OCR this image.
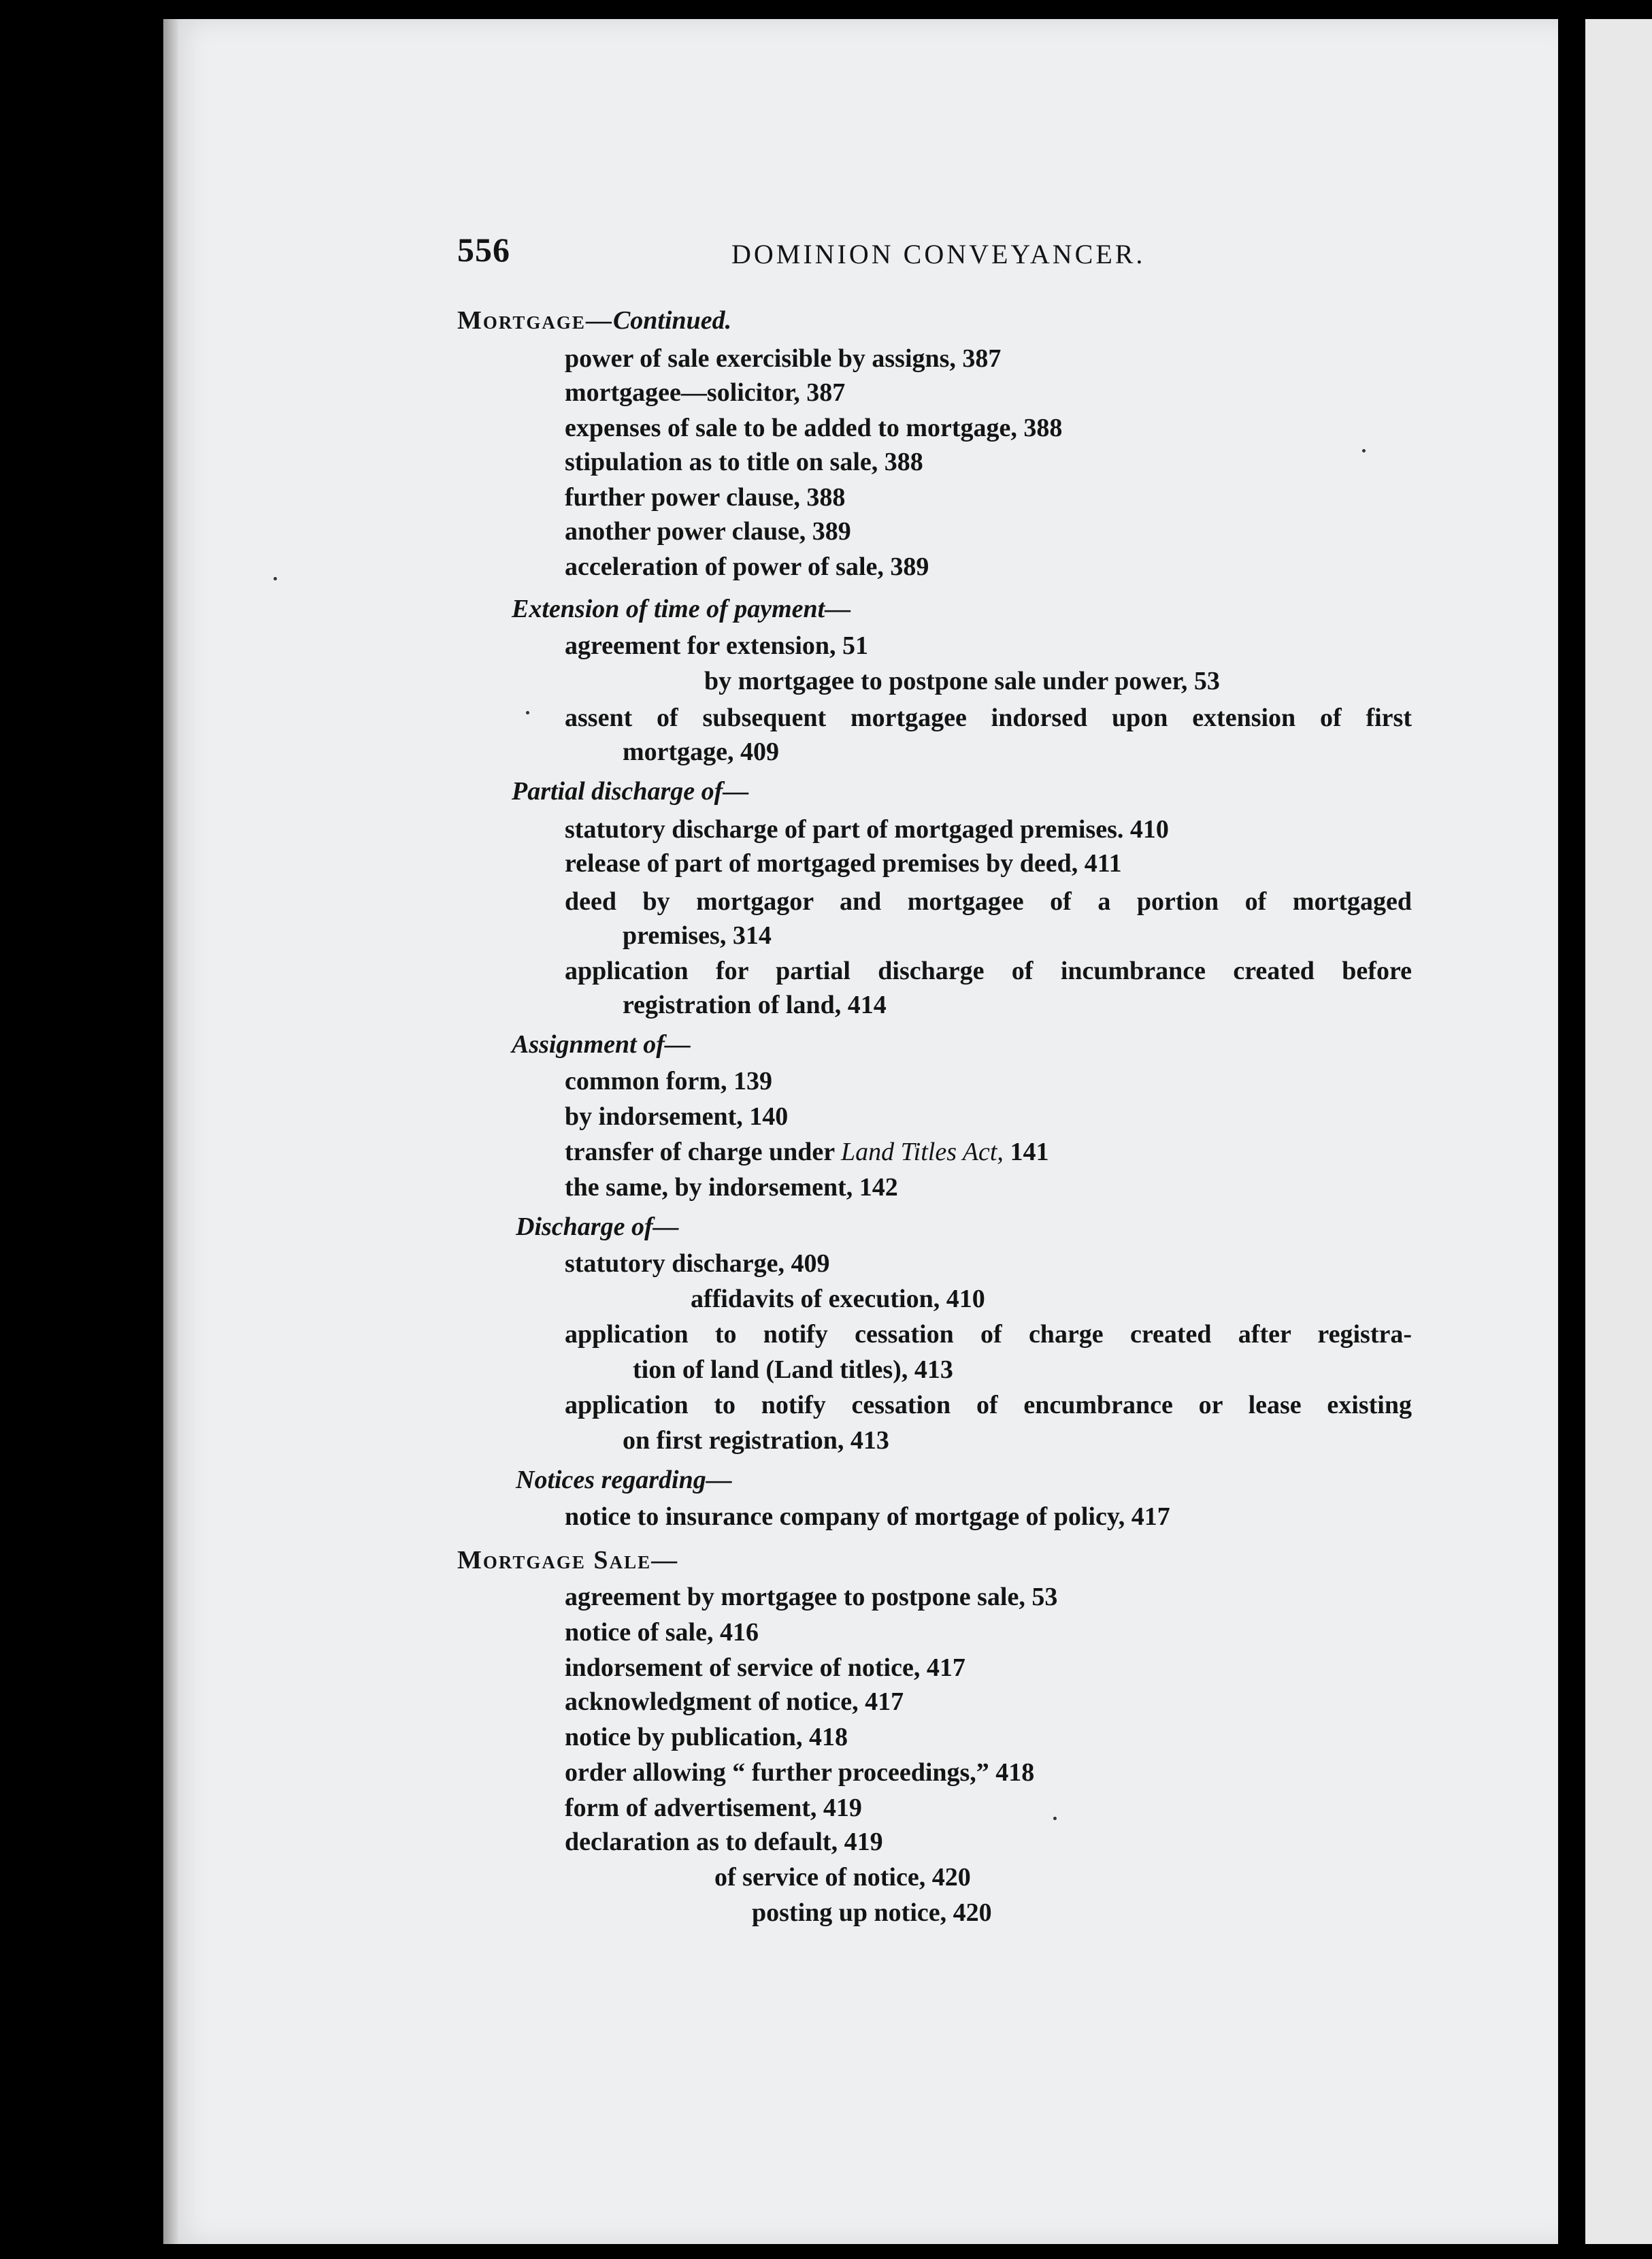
556	DOMINION CONVEYANCER.
Mortgage—Continued.
power of sale exercisible by assigns, 387
mortgagee—solicitor, 387
expenses of sale to be added to mortgage, 388
stipulation as to title on sale, 388
further power clause, 388
another power clause, 389
acceleration of power of sale, 389
Extension of time of payment—
agreement for extension, 51
by mortgagee to postpone sale under power, 53
assent of subsequent mortgagee indorsed upon extension of first
mortgage, 409
Partial discharge of—
statutory discharge of part of mortgaged premises. 410
release of part of mortgaged premises by deed, 411
deed by mortgagor and mortgagee of a portion of mortgaged
premises, 314
application for partial discharge of incumbrance created before
registration of land, 414
Assignment of—
common form, 139
by indorsement, 140
transfer of charge under Land Titles Act, 141
the same, by indorsement, 142
Discharge of—
statutory discharge, 409
affidavits of execution, 410
application to notify cessation of charge created after registra-
tion of land (Land titles), 413
application to notify cessation of encumbrance or lease existing
on first registration, 413
Notices regarding—
notice to insurance company of mortgage of policy, 417
Mortgage Sale—
agreement by mortgagee to postpone sale, 53
notice of sale, 416
indorsement of service of notice, 417
acknowledgment of notice, 417
notice by publication, 418
order allowing “ further proceedings,” 418
form of advertisement, 419
declaration as to default, 419
of service of notice, 420
posting up notice, 420
